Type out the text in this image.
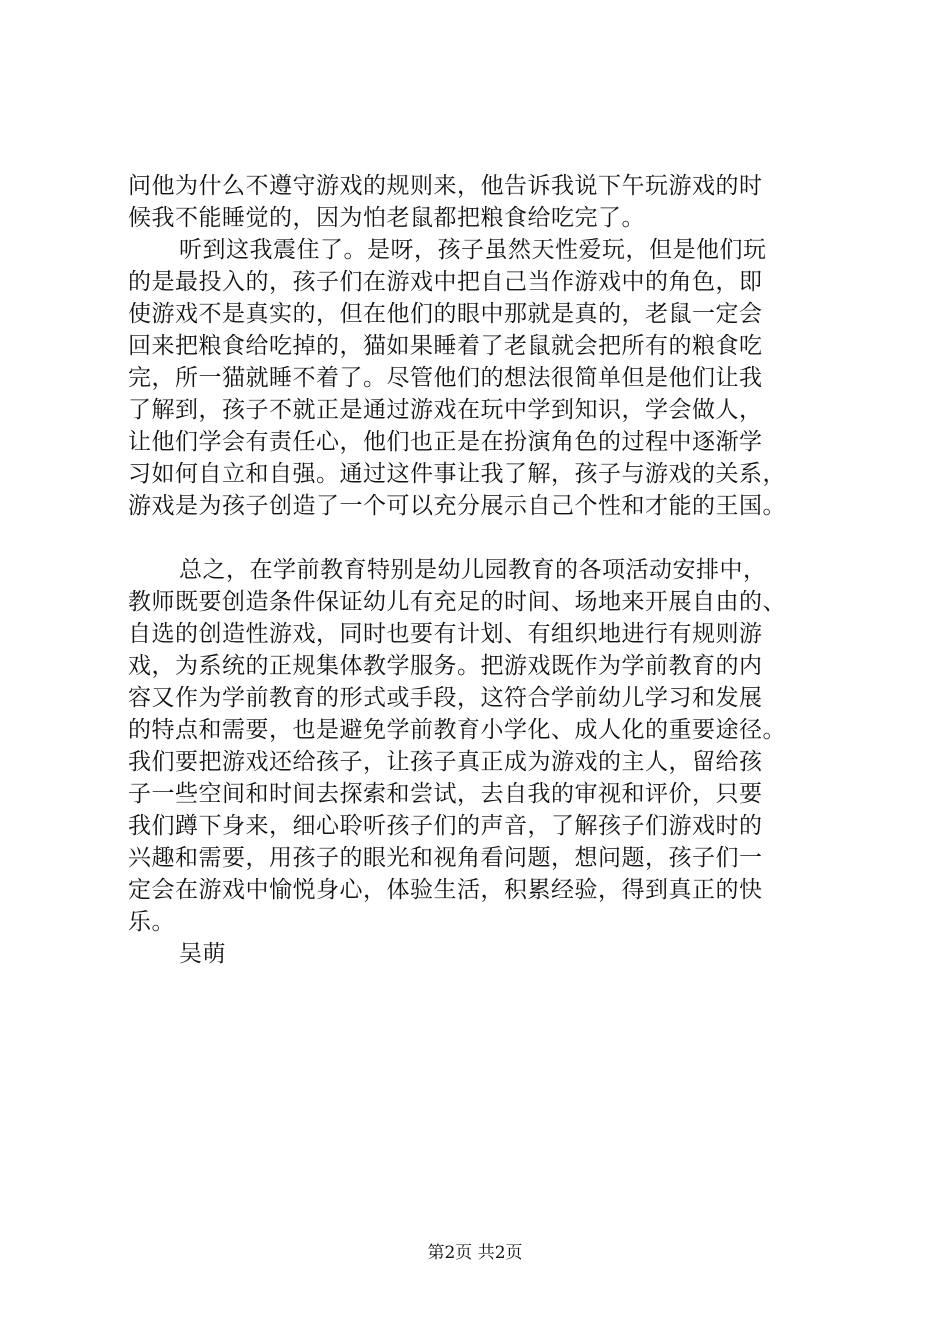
问他为什么不遵守游戏的规则来，他告诉我说下午玩游戏的时
候我不能睡觉的，因为怕老鼠都把粮食给吃完了。
听到这我震住了。是呀，孩子虽然天性爱玩，但是他们玩
的是最投入的，孩子们在游戏中把自己当作游戏中的角色，即
使游戏不是真实的，但在他们的眼中那就是真的，老鼠一定会
回来把粮食给吃掉的，猫如果睡着了老鼠就会把所有的粮食吃
完，所一猫就睡不着了。尽管他们的想法很简单但是他们让我
了解到，孩子不就正是通过游戏在玩中学到知识，学会做人，
让他们学会有责任心，他们也正是在扮演角色的过程中逐渐学
习如何自立和自强。通过这件事让我了解，孩子与游戏的关系，
游戏是为孩子创造了一个可以充分展示自己个性和才能的王国。
总之，在学前教育特别是幼儿园教育的各项活动安排中，
教师既要创造条件保证幼儿有充足的时间、场地来开展自由的、
自选的创造性游戏，同时也要有计划、有组织地进行有规则游
戏，为系统的正规集体教学服务。把游戏既作为学前教育的内
容又作为学前教育的形式或手段，这符合学前幼儿学习和发展
的特点和需要，也是避免学前教育小学化、成人化的重要途径。
我们要把游戏还给孩子，让孩子真正成为游戏的主人，留给孩
子一些空间和时间去探索和尝试，去自我的审视和评价，只要
我们蹲下身来，细心聆听孩子们的声音，了解孩子们游戏时的
兴趣和需要，用孩子的眼光和视角看问题，想问题，孩子们一
定会在游戏中愉悦身心，体验生活，积累经验，得到真正的快
乐。
吴萌
第2页 共2页
